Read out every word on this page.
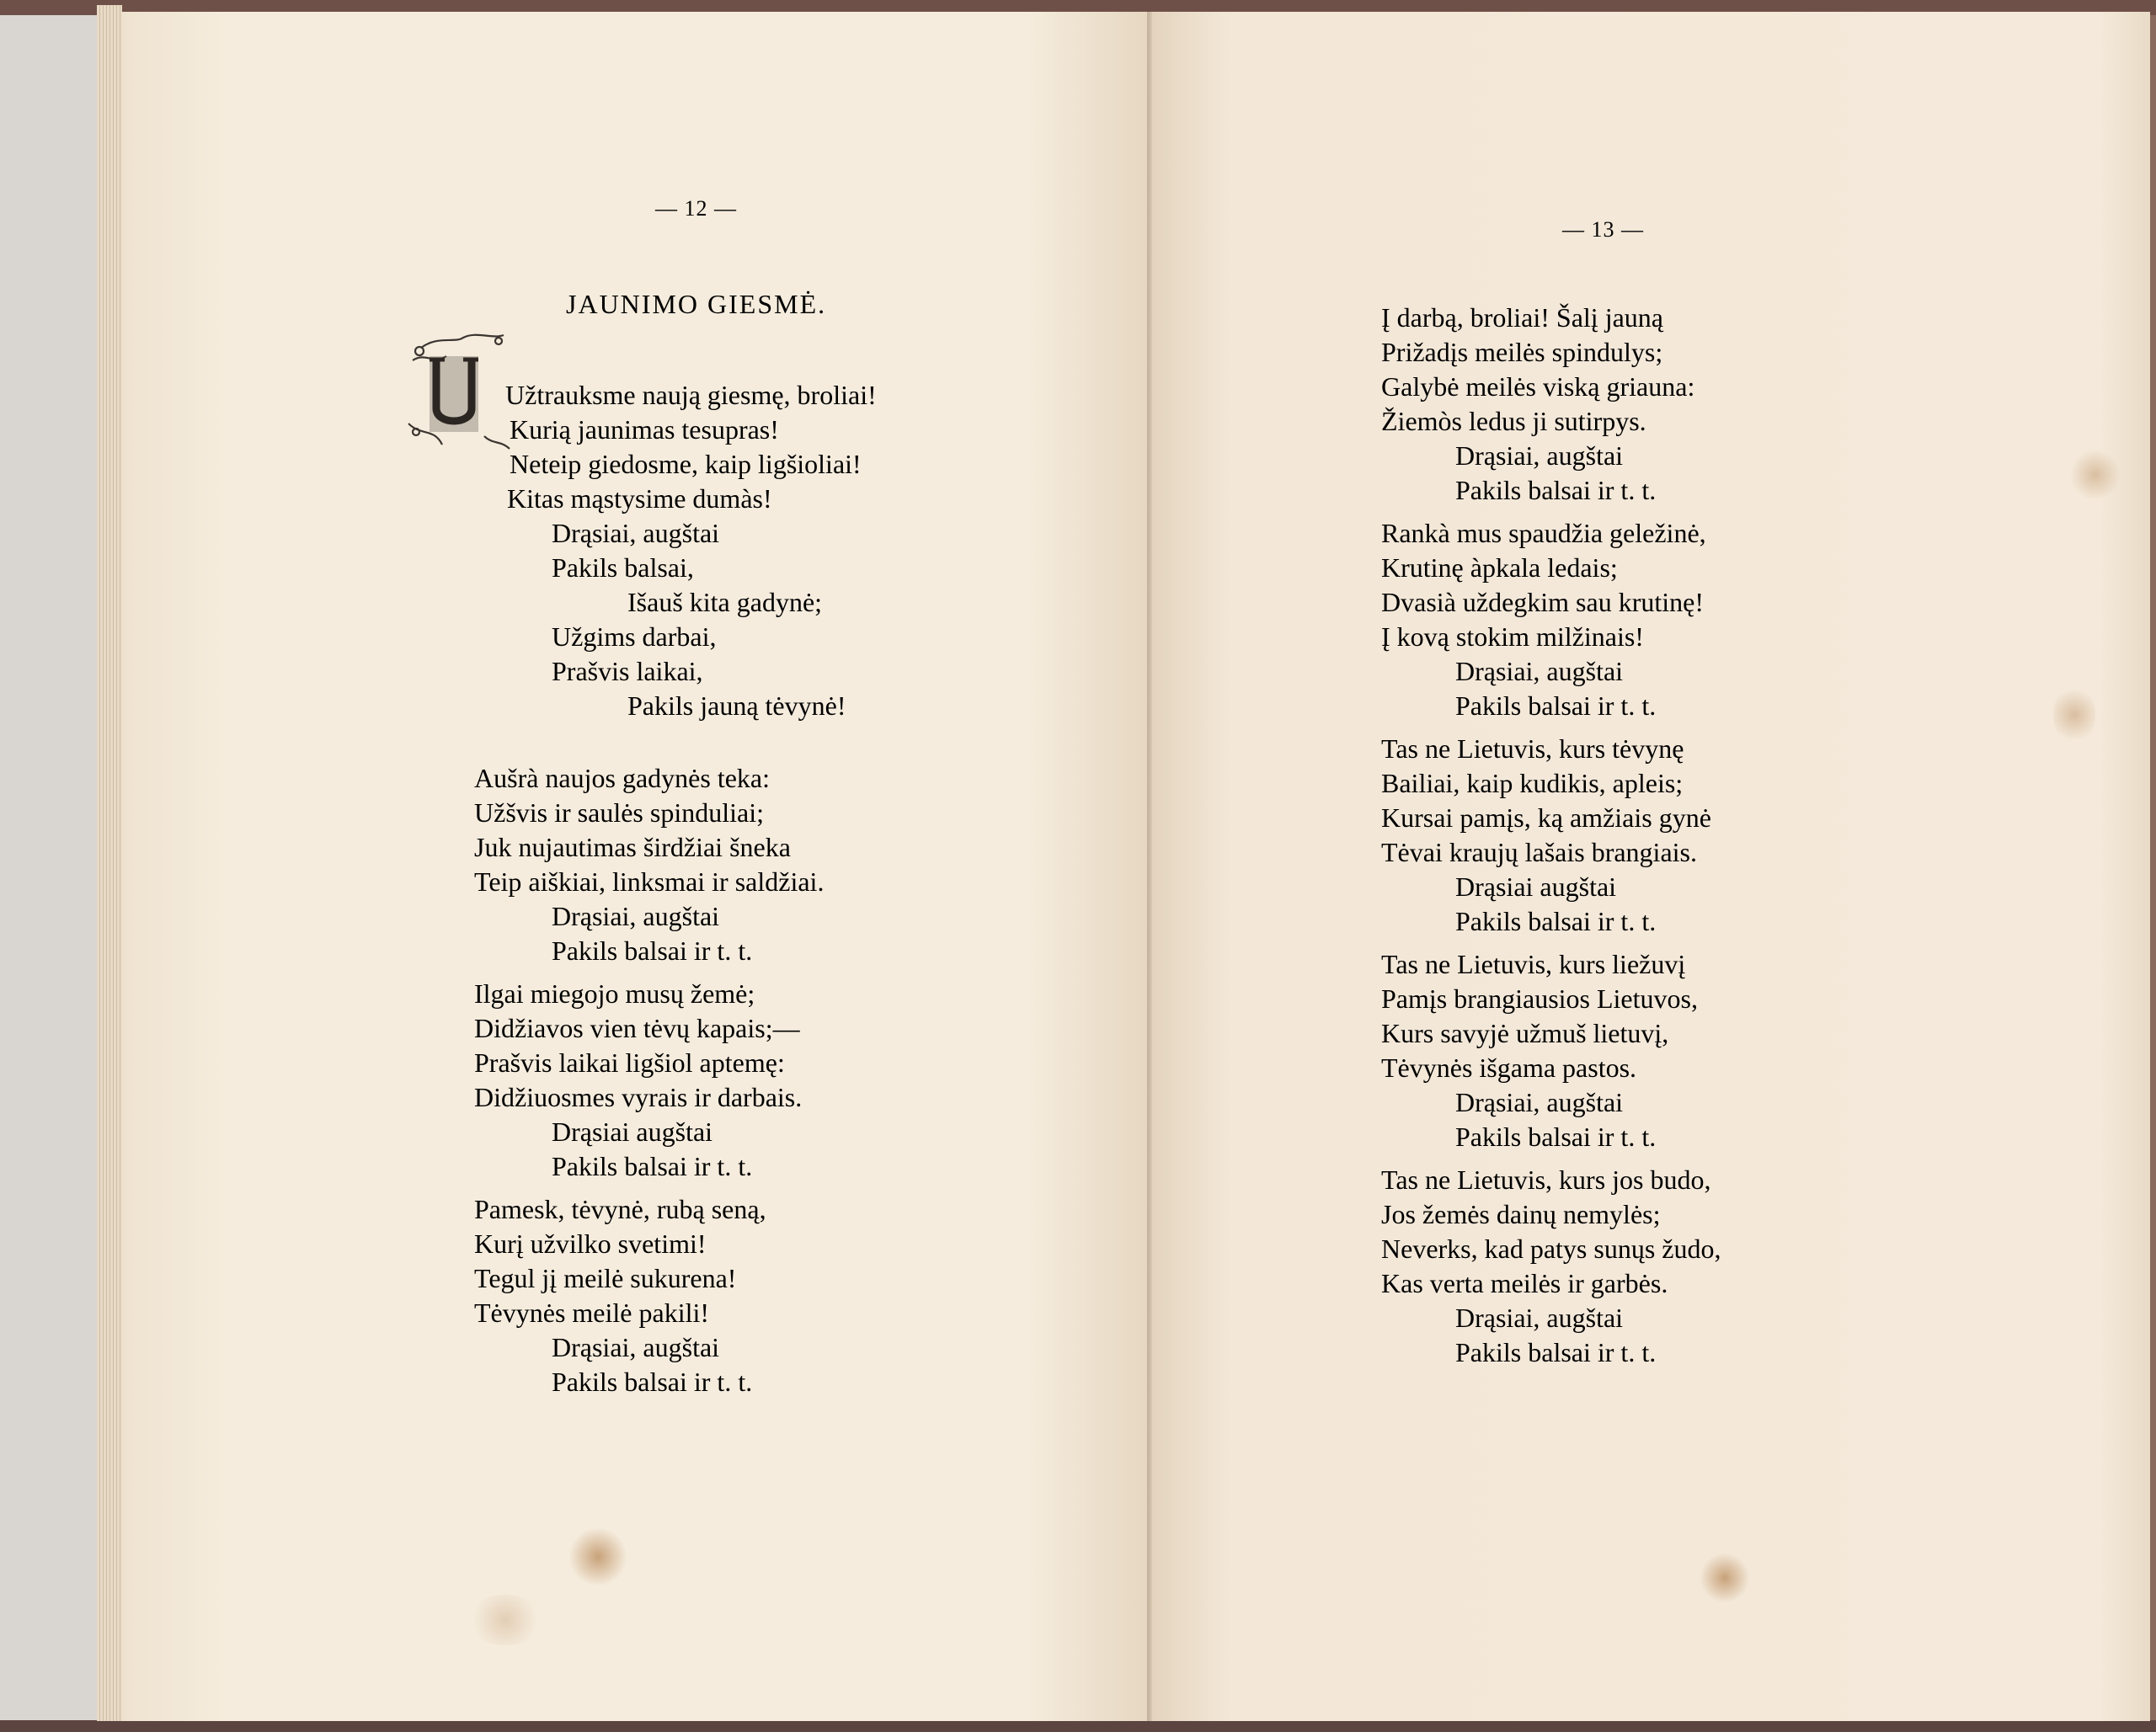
— 12 —
JAUNIMO GIESMĖ.
Užtrauksme naują giesmę, broliai!
Kurią jaunimas tesupras!
Neteip giedosme, kaip ligšioliai!
Kitas mąstysime dumàs!
Drąsiai, augštai
Pakils balsai,
Išauš kita gadynė;
Užgims darbai,
Prašvis laikai,
Pakils jauną tėvynė!
Aušrà naujos gadynės teka:
Užšvis ir saulės spinduliai;
Juk nujautimas širdžiai šneka
Teip aiškiai, linksmai ir saldžiai.
Drąsiai, augštai
Pakils balsai ir t. t.
Ilgai miegojo musų žemė;
Didžiavos vien tėvų kapais;—
Prašvis laikai ligšiol aptemę:
Didžiuosmes vyrais ir darbais.
Drąsiai augštai
Pakils balsai ir t. t.
Pamesk, tėvynė, rubą seną,
Kurį užvilko svetimi!
Tegul jį meilė sukurena!
Tėvynės meilė pakili!
Drąsiai, augštai
Pakils balsai ir t. t.
— 13 —
Į darbą, broliai! Šalį jauną
Prižadįs meilės spindulys;
Galybė meilės viską griauna:
Žiemòs ledus ji sutirpys.
Drąsiai, augštai
Pakils balsai ir t. t.
Rankà mus spaudžia geležinė,
Krutinę àpkala ledais;
Dvasià uždegkim sau krutinę!
Į kovą stokim milžinais!
Drąsiai, augštai
Pakils balsai ir t. t.
Tas ne Lietuvis, kurs tėvynę
Bailiai, kaip kudikis, apleis;
Kursai pamįs, ką amžiais gynė
Tėvai kraujų lašais brangiais.
Drąsiai augštai
Pakils balsai ir t. t.
Tas ne Lietuvis, kurs liežuvį
Pamįs brangiausios Lietuvos,
Kurs savyjė užmuš lietuvį,
Tėvynės išgama pastos.
Drąsiai, augštai
Pakils balsai ir t. t.
Tas ne Lietuvis, kurs jos budo,
Jos žemės dainų nemylės;
Neverks, kad patys sunųs žudo,
Kas verta meilės ir garbės.
Drąsiai, augštai
Pakils balsai ir t. t.
